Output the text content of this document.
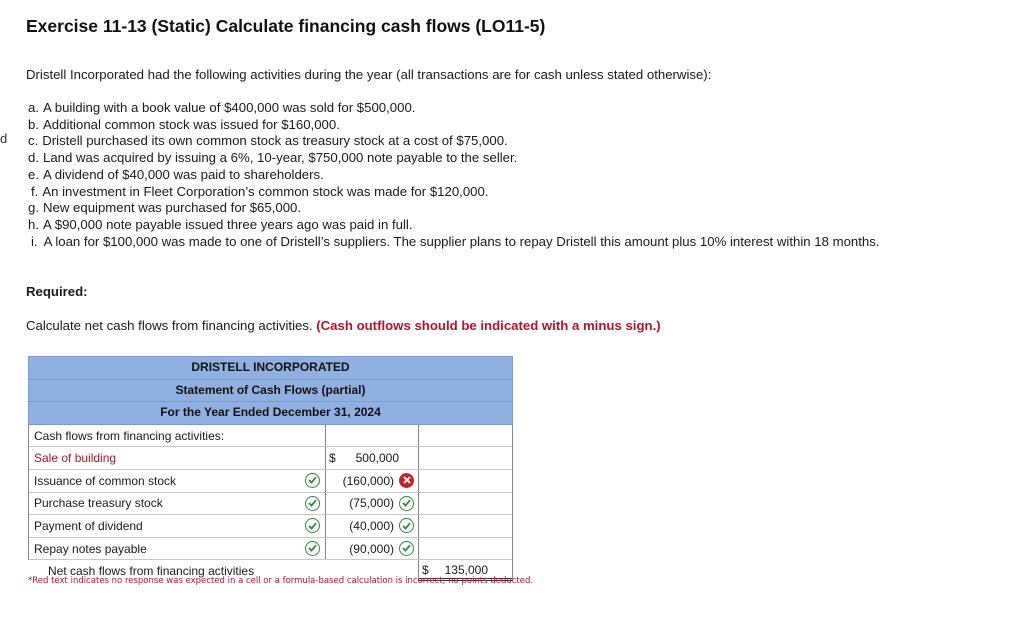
d
Exercise 11-13 (Static) Calculate financing cash flows (LO11-5)
Dristell Incorporated had the following activities during the year (all transactions are for cash unless stated otherwise):
a. A building with a book value of $400,000 was sold for $500,000.
b. Additional common stock was issued for $160,000.
c. Dristell purchased its own common stock as treasury stock at a cost of $75,000.
d. Land was acquired by issuing a 6%, 10-year, $750,000 note payable to the seller.
e. A dividend of $40,000 was paid to shareholders.
f. An investment in Fleet Corporation’s common stock was made for $120,000.
g. New equipment was purchased for $65,000.
h. A $90,000 note payable issued three years ago was paid in full.
i. A loan for $100,000 was made to one of Dristell’s suppliers. The supplier plans to repay Dristell this amount plus 10% interest within 18 months.
Required:
Calculate net cash flows from financing activities. (Cash outflows should be indicated with a minus sign.)
DRISTELL INCORPORATED
Statement of Cash Flows (partial)
For the Year Ended December 31, 2024
Cash flows from financing activities:
Sale of building	$ 500,000
Issuance of common stock	(160,000)
Purchase treasury stock	(75,000)
Payment of dividend	(40,000)
Repay notes payable	(90,000)
Net cash flows from financing activities	$ 135,000
*Red text indicates no response was expected in a cell or a formula-based calculation is incorrect; no points deducted.
